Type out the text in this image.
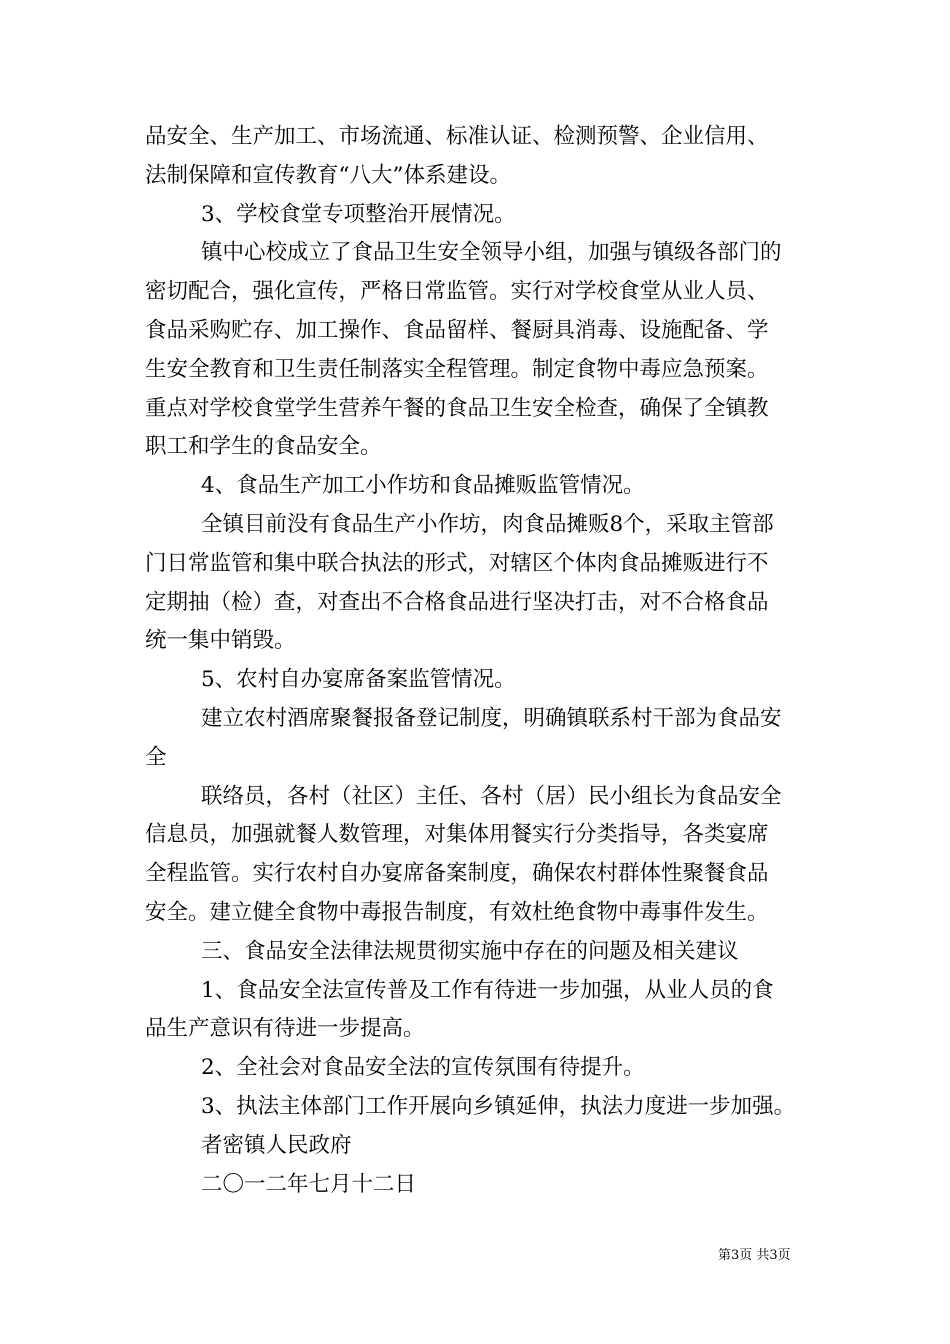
品安全、生产加工、市场流通、标准认证、检测预警、企业信用、
法制保障和宣传教育“八大”体系建设。
3、学校食堂专项整治开展情况。
镇中心校成立了食品卫生安全领导小组，加强与镇级各部门的
密切配合，强化宣传，严格日常监管。实行对学校食堂从业人员、
食品采购贮存、加工操作、食品留样、餐厨具消毒、设施配备、学
生安全教育和卫生责任制落实全程管理。制定食物中毒应急预案。
重点对学校食堂学生营养午餐的食品卫生安全检查，确保了全镇教
职工和学生的食品安全。
4、食品生产加工小作坊和食品摊贩监管情况。
全镇目前没有食品生产小作坊，肉食品摊贩8个，采取主管部
门日常监管和集中联合执法的形式，对辖区个体肉食品摊贩进行不
定期抽（检）查，对查出不合格食品进行坚决打击，对不合格食品
统一集中销毁。
5、农村自办宴席备案监管情况。
建立农村酒席聚餐报备登记制度，明确镇联系村干部为食品安
全
联络员，各村（社区）主任、各村（居）民小组长为食品安全
信息员，加强就餐人数管理，对集体用餐实行分类指导，各类宴席
全程监管。实行农村自办宴席备案制度，确保农村群体性聚餐食品
安全。建立健全食物中毒报告制度，有效杜绝食物中毒事件发生。
三、食品安全法律法规贯彻实施中存在的问题及相关建议
1、食品安全法宣传普及工作有待进一步加强，从业人员的食
品生产意识有待进一步提高。
2、全社会对食品安全法的宣传氛围有待提升。
3、执法主体部门工作开展向乡镇延伸，执法力度进一步加强。
者密镇人民政府
二〇一二年七月十二日
第3页 共3页
